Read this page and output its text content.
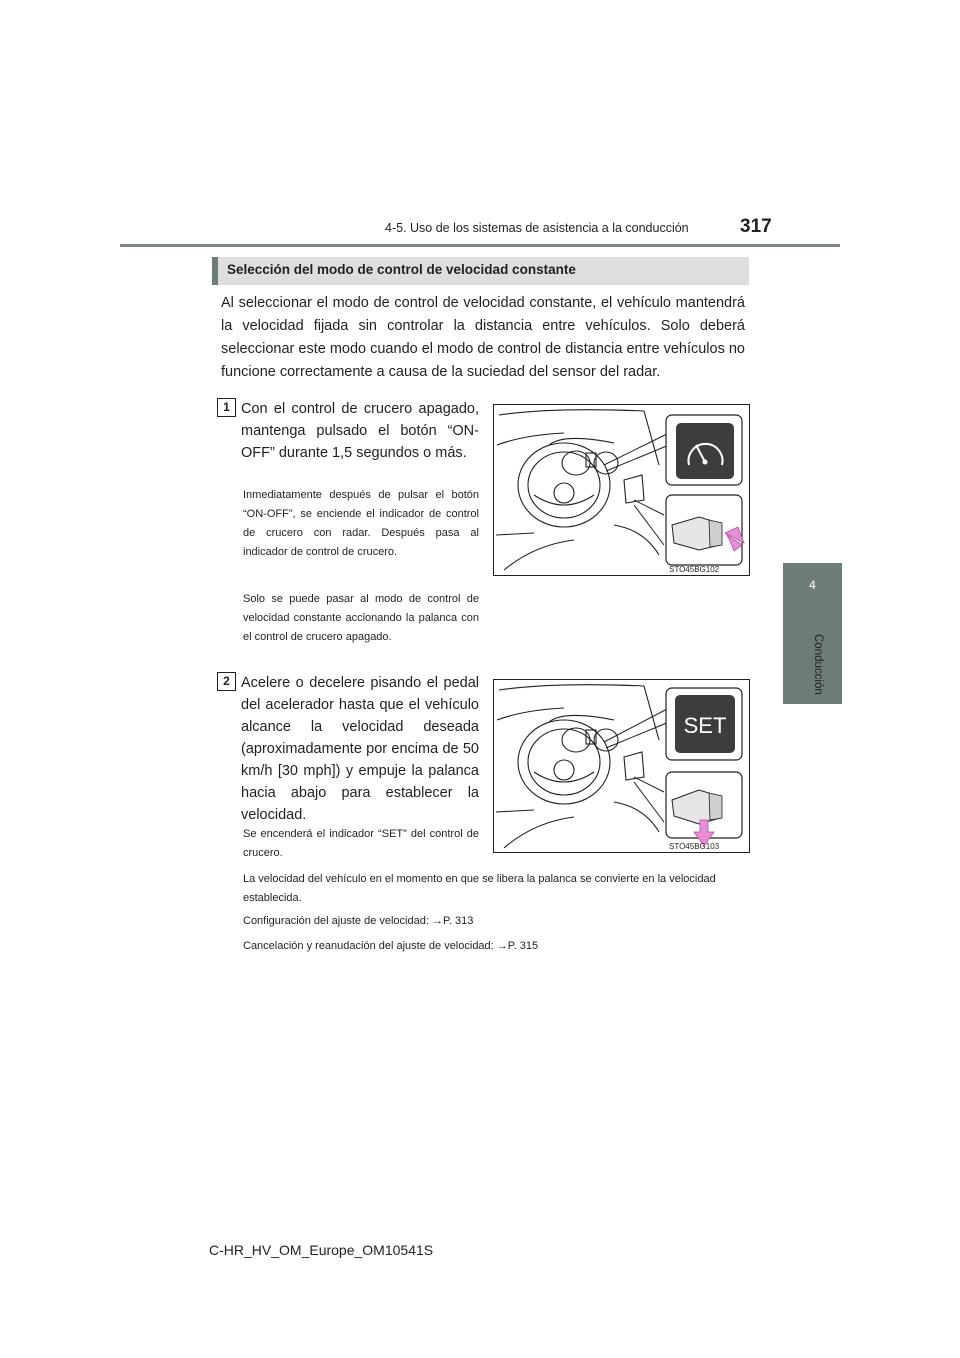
4-5. Uso de los sistemas de asistencia a la conducción	317
4
Conducción
Selección del modo de control de velocidad constante
Al seleccionar el modo de control de velocidad constante, el vehículo mantendrá la velocidad fijada sin controlar la distancia entre vehículos. Solo deberá seleccionar este modo cuando el modo de control de distancia entre vehículos no funcione correctamente a causa de la suciedad del sensor del radar.
1 Con el control de crucero apagado, mantenga pulsado el botón “ON-OFF” durante 1,5 segundos o más.
Inmediatamente después de pulsar el botón “ON-OFF”, se enciende el indicador de control de crucero con radar. Después pasa al indicador de control de crucero.
Solo se puede pasar al modo de control de velocidad constante accionando la palanca con el control de crucero apagado.
STO45BG102
2 Acelere o decelere pisando el pedal del acelerador hasta que el vehículo alcance la velocidad deseada (aproximadamente por encima de 50 km/h [30 mph]) y empuje la palanca hacia abajo para establecer la velocidad.
Se encenderá el indicador “SET” del control de crucero.
SET
STO45BG103
La velocidad del vehículo en el momento en que se libera la palanca se convierte en la velocidad establecida.
Configuración del ajuste de velocidad: →P. 313
Cancelación y reanudación del ajuste de velocidad: →P. 315
C-HR_HV_OM_Europe_OM10541S
